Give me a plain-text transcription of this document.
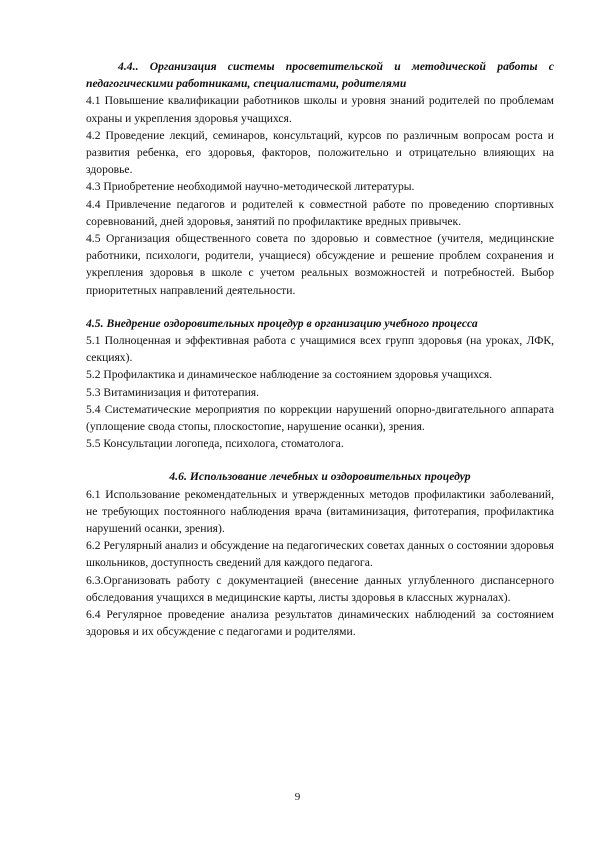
4.4.. Организация системы просветительской и методической работы с педагогическими работниками, специалистами, родителями

4.1 Повышение квалификации работников школы и уровня знаний родителей по проблемам охраны и укрепления здоровья учащихся.

4.2 Проведение лекций, семинаров, консультаций, курсов по различным вопросам роста и развития ребенка, его здоровья, факторов, положительно и отрицательно влияющих на здоровье.

4.3 Приобретение необходимой научно-методической литературы.

4.4 Привлечение педагогов и родителей к совместной работе по проведению спортивных соревнований, дней здоровья, занятий по профилактике вредных привычек.

4.5 Организация общественного совета по здоровью и совместное (учителя, медицинские работники, психологи, родители, учащиеся) обсуждение и решение проблем сохранения и укрепления здоровья в школе с учетом реальных возможностей и потребностей. Выбор приоритетных направлений деятельности.

4.5. Внедрение оздоровительных процедур в организацию учебного процесса

5.1 Полноценная и эффективная работа с учащимися всех групп здоровья (на уроках, ЛФК, секциях).

5.2 Профилактика и динамическое наблюдение за состоянием здоровья учащихся.

5.3 Витаминизация и фитотерапия.

5.4 Систематические мероприятия по коррекции нарушений опорно-двигательного аппарата (уплощение свода стопы, плоскостопие, нарушение осанки), зрения.

5.5 Консультации логопеда, психолога, стоматолога.

4.6. Использование лечебных и оздоровительных процедур

6.1 Использование рекомендательных и утвержденных методов профилактики заболеваний, не требующих постоянного наблюдения врача (витаминизация, фитотерапия, профилактика нарушений осанки, зрения).

6.2 Регулярный анализ и обсуждение на педагогических советах данных о состоянии здоровья школьников, доступность сведений для каждого педагога.

6.3.Организовать работу с документацией (внесение данных углубленного диспансерного обследования учащихся в медицинские карты, листы здоровья в классных журналах).

6.4 Регулярное проведение анализа результатов динамических наблюдений за состоянием здоровья и их обсуждение с педагогами и родителями.

9
